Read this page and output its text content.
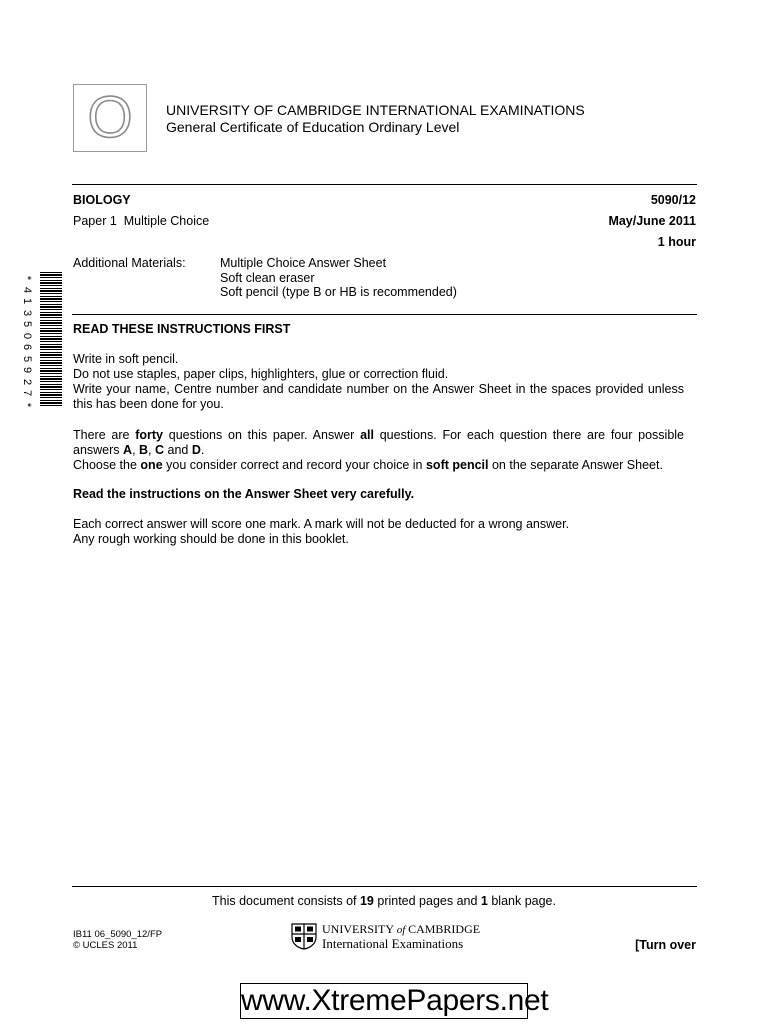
O UNIVERSITY OF CAMBRIDGE INTERNATIONAL EXAMINATIONS
General Certificate of Education Ordinary Level
BIOLOGY	5090/12
Paper 1  Multiple Choice	May/June 2011
1 hour
Additional Materials:	Multiple Choice Answer Sheet
Soft clean eraser
Soft pencil (type B or HB is recommended)
*
4
1
3
5
0
6
5
9
2
7
*
READ THESE INSTRUCTIONS FIRST
Write in soft pencil.
Do not use staples, paper clips, highlighters, glue or correction fluid.
Write your name, Centre number and candidate number on the Answer Sheet in the spaces provided unless this has been done for you.
There are forty questions on this paper. Answer all questions. For each question there are four possible answers A, B, C and D.
Choose the one you consider correct and record your choice in soft pencil on the separate Answer Sheet.
Read the instructions on the Answer Sheet very carefully.
Each correct answer will score one mark. A mark will not be deducted for a wrong answer.
Any rough working should be done in this booklet.
This document consists of 19 printed pages and 1 blank page.
IB11 06_5090_12/FP
© UCLES 2011
UNIVERSITY of CAMBRIDGE
International Examinations	[Turn over
www.XtremePapers.net
